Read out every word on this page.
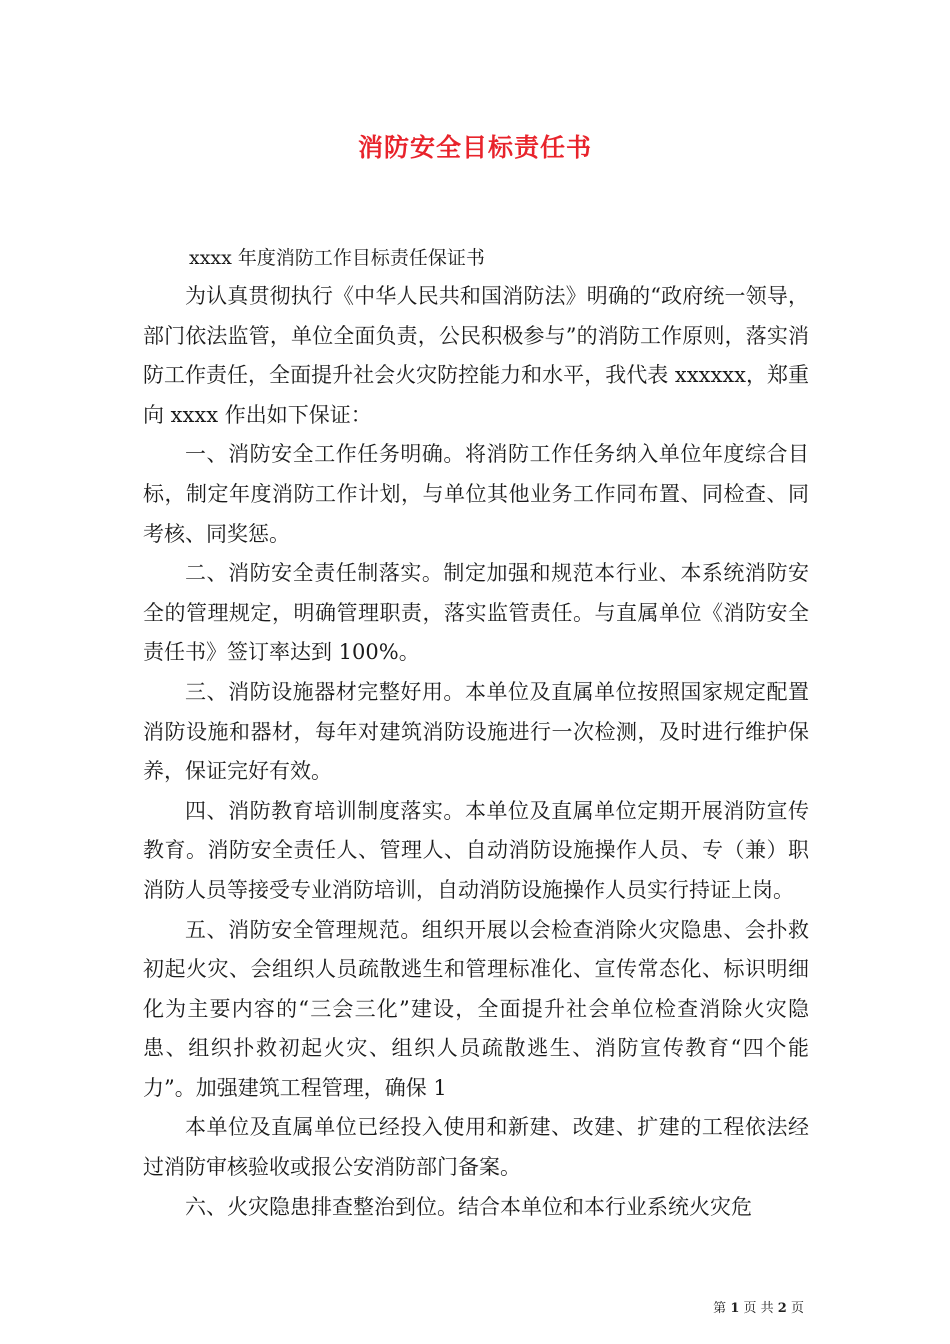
消防安全目标责任书

xxxx 年度消防工作目标责任保证书

为认真贯彻执行《中华人民共和国消防法》明确的“政府统一领导，部门依法监管，单位全面负责，公民积极参与”的消防工作原则，落实消防工作责任，全面提升社会火灾防控能力和水平，我代表 xxxxxx，郑重向 xxxx 作出如下保证：

一、消防安全工作任务明确。将消防工作任务纳入单位年度综合目标，制定年度消防工作计划，与单位其他业务工作同布置、同检查、同考核、同奖惩。

二、消防安全责任制落实。制定加强和规范本行业、本系统消防安全的管理规定，明确管理职责，落实监管责任。与直属单位《消防安全责任书》签订率达到 100%。

三、消防设施器材完整好用。本单位及直属单位按照国家规定配置消防设施和器材，每年对建筑消防设施进行一次检测，及时进行维护保养，保证完好有效。

四、消防教育培训制度落实。本单位及直属单位定期开展消防宣传教育。消防安全责任人、管理人、自动消防设施操作人员、专（兼）职消防人员等接受专业消防培训，自动消防设施操作人员实行持证上岗。

五、消防安全管理规范。组织开展以会检查消除火灾隐患、会扑救初起火灾、会组织人员疏散逃生和管理标准化、宣传常态化、标识明细化为主要内容的“三会三化”建设，全面提升社会单位检查消除火灾隐患、组织扑救初起火灾、组织人员疏散逃生、消防宣传教育“四个能力”。加强建筑工程管理，确保 1

本单位及直属单位已经投入使用和新建、改建、扩建的工程依法经过消防审核验收或报公安消防部门备案。

六、火灾隐患排查整治到位。结合本单位和本行业系统火灾危

第 1 页 共 2 页
